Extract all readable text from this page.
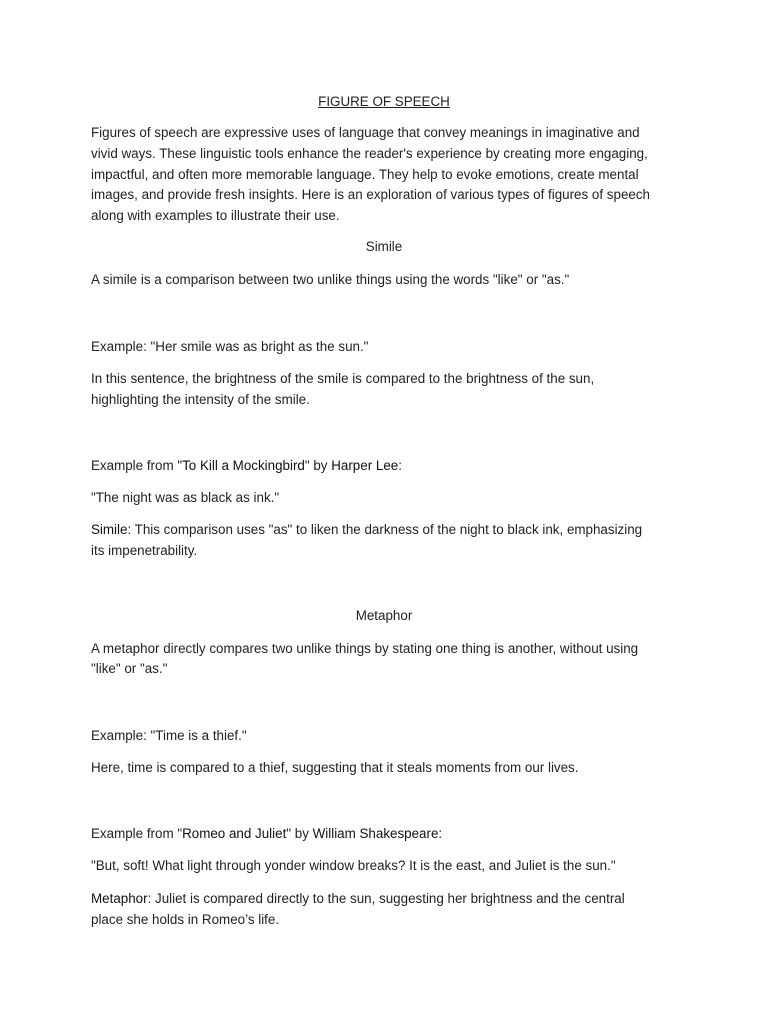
FIGURE OF SPEECH

Figures of speech are expressive uses of language that convey meanings in imaginative and

vivid ways. These linguistic tools enhance the reader's experience by creating more engaging,

impactful, and often more memorable language. They help to evoke emotions, create mental

images, and provide fresh insights. Here is an exploration of various types of figures of speech

along with examples to illustrate their use.

Simile

A simile is a comparison between two unlike things using the words "like" or "as."

Example: "Her smile was as bright as the sun."

In this sentence, the brightness of the smile is compared to the brightness of the sun,

highlighting the intensity of the smile.

Example from "To Kill a Mockingbird" by Harper Lee:

"The night was as black as ink."

Simile: This comparison uses "as" to liken the darkness of the night to black ink, emphasizing

its impenetrability.

Metaphor

A metaphor directly compares two unlike things by stating one thing is another, without using

"like" or "as."

Example: "Time is a thief."

Here, time is compared to a thief, suggesting that it steals moments from our lives.

Example from "Romeo and Juliet" by William Shakespeare:

"But, soft! What light through yonder window breaks? It is the east, and Juliet is the sun."

Metaphor: Juliet is compared directly to the sun, suggesting her brightness and the central

place she holds in Romeo’s life.
